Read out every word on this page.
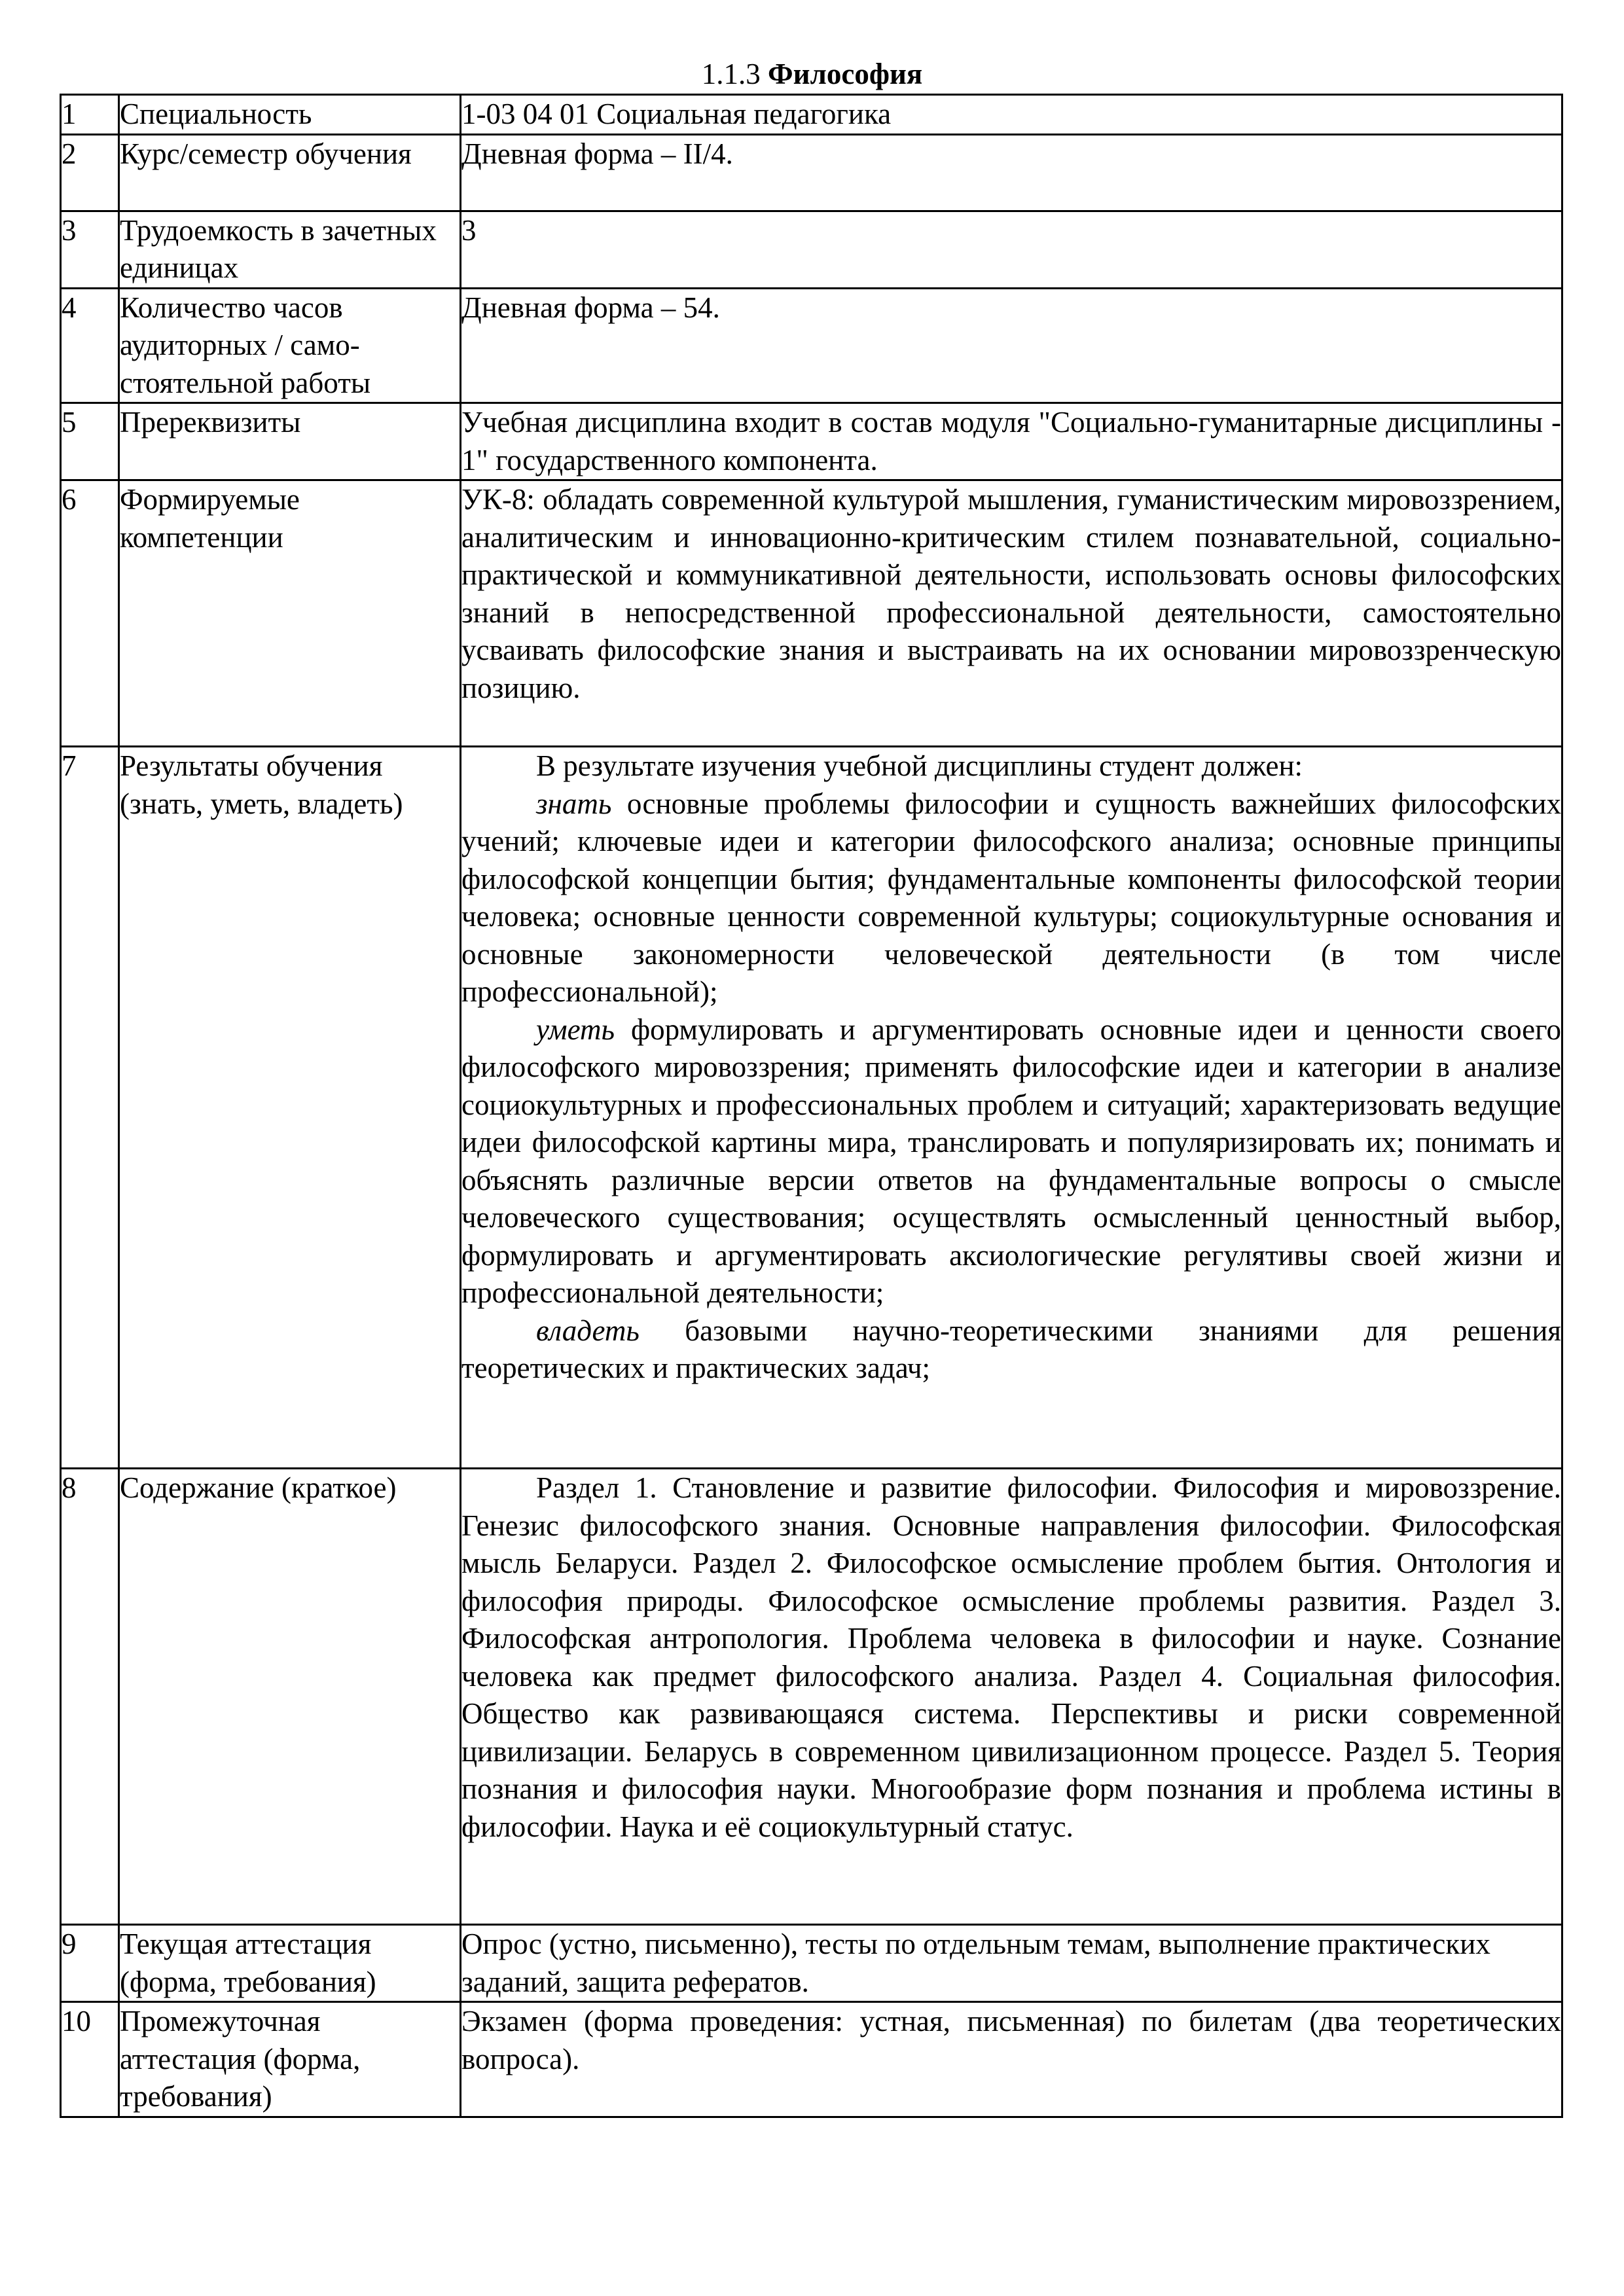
1.1.3 Философия
1	Специальность	1-03 04 01 Социальная педагогика
2	Курс/семестр обучения	Дневная форма – II/4.
3	Трудоемкость в зачетных единицах	3
4	Количество часов аудиторных / само-стоятельной работы	Дневная форма – 54.
5	Пререквизиты	Учебная дисциплина входит в состав модуля "Социально-гуманитарные дисциплины - 1" государственного компонента.
6	Формируемые компетенции	УК-8: обладать современной культурой мышления, гуманистическим мировоззрением, аналитическим и инновационно-критическим стилем познавательной, социально-практической и коммуникативной деятельности, использовать основы философских знаний в непосредственной профессиональной деятельности, самостоятельно усваивать философские знания и выстраивать на их основании мировоззренческую позицию.
7	Результаты обучения (знать, уметь, владеть)	В результате изучения учебной дисциплины студент должен:

знать основные проблемы философии и сущность важнейших философских учений; ключевые идеи и категории философского анализа; основные принципы философской концепции бытия; фундаментальные компоненты философской теории человека; основные ценности современной культуры; социокультурные основания и основные закономерности человеческой деятельности (в том числе профессиональной);

уметь формулировать и аргументировать основные идеи и ценности своего философского мировоззрения; применять философские идеи и категории в анализе социокультурных и профессиональных проблем и ситуаций; характеризовать ведущие идеи философской картины мира, транслировать и популяризировать их; понимать и объяснять различные версии ответов на фундаментальные вопросы о смысле человеческого существования; осуществлять осмысленный ценностный выбор, формулировать и аргументировать аксиологические регулятивы своей жизни и профессиональной деятельности;

владеть базовыми научно-теоретическими знаниями для решения теоретических и практических задач;

8	Содержание (краткое)	Раздел 1. Становление и развитие философии. Философия и мировоззрение. Генезис философского знания. Основные направления философии. Философская мысль Беларуси. Раздел 2. Философское осмысление проблем бытия. Онтология и философия природы. Философское осмысление проблемы развития. Раздел 3. Философская антропология. Проблема человека в философии и науке. Сознание человека как предмет философского анализа. Раздел 4. Социальная философия. Общество как развивающаяся система. Перспективы и риски современной цивилизации. Беларусь в современном цивилизационном процессе. Раздел 5. Теория познания и философия науки. Многообразие форм познания и проблема истины в философии. Наука и её социокультурный статус.
9	Текущая аттестация (форма, требования)	Опрос (устно, письменно), тесты по отдельным темам, выполнение практических заданий, защита рефератов.
10	Промежуточная аттестация (форма, требования)	Экзамен (форма проведения: устная, письменная) по билетам (два теоретических вопроса).
